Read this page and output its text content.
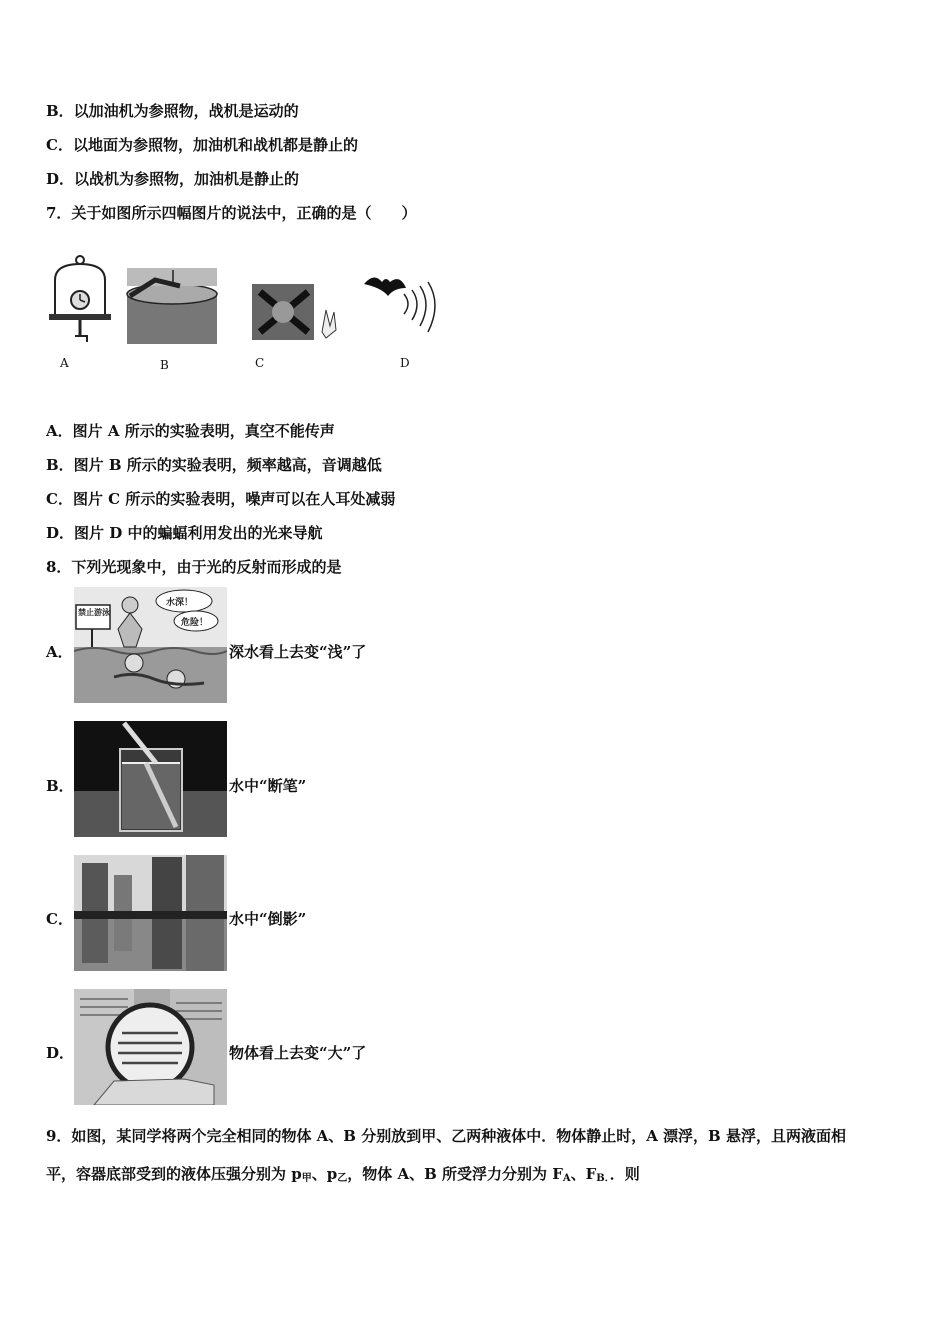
B．以加油机为参照物，战机是运动的
C．以地面为参照物，加油机和战机都是静止的
D．以战机为参照物，加油机是静止的
7．关于如图所示四幅图片的说法中，正确的是（　　）
A	B	C	D
A．图片 A 所示的实验表明，真空不能传声
B．图片 B 所示的实验表明，频率越高，音调越低
C．图片 C 所示的实验表明，噪声可以在人耳处减弱
D．图片 D 中的蝙蝠利用发出的光来导航
8．下列光现象中，由于光的反射而形成的是
A．
禁止游泳
水深！
危险！
深水看上去变“浅”了
B．	水中“断笔”
C．	水中“倒影”
D．	物体看上去变“大”了
9．如图，某同学将两个完全相同的物体 A、B 分别放到甲、乙两种液体中．物体静止时，A 漂浮，B 悬浮，且两液面相
平，容器底部受到的液体压强分别为 $p_甲$、$p_乙$，物体 A、B 所受浮力分别为 $F_A$、$F_{B.}$．则
